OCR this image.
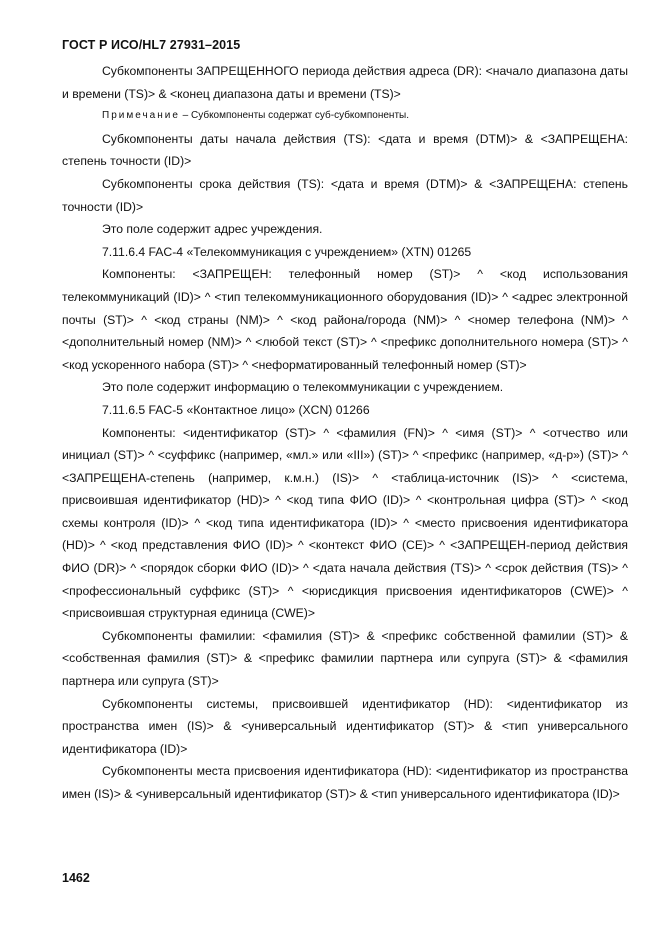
ГОСТ Р ИСО/HL7 27931–2015

Субкомпоненты ЗАПРЕЩЕННОГО периода действия адреса (DR): <начало диапазона даты и времени (TS)> & <конец диапазона даты и времени (TS)>

Примечание – Субкомпоненты содержат суб-субкомпоненты.

Субкомпоненты даты начала действия (TS): <дата и время (DTM)> & <ЗАПРЕЩЕНА: степень точности (ID)>

Субкомпоненты срока действия (TS): <дата и время (DTM)> & <ЗАПРЕЩЕНА: степень точности (ID)>

Это поле содержит адрес учреждения.

7.11.6.4 FAC-4 «Телекоммуникация с учреждением» (XTN) 01265

Компоненты: <ЗАПРЕЩЕН: телефонный номер (ST)> ^ <код использования телекоммуникаций (ID)> ^ <тип телекоммуникационного оборудования (ID)> ^ <адрес электронной почты (ST)> ^ <код страны (NM)> ^ <код района/города (NM)> ^ <номер телефона (NM)> ^ <дополнительный номер (NM)> ^ <любой текст (ST)> ^ <префикс дополнительного номера (ST)> ^ <код ускоренного набора (ST)> ^ <неформатированный телефонный номер (ST)>

Это поле содержит информацию о телекоммуникации с учреждением.

7.11.6.5 FAC-5 «Контактное лицо» (XCN) 01266

Компоненты: <идентификатор (ST)> ^ <фамилия (FN)> ^ <имя (ST)> ^ <отчество или инициал (ST)> ^ <суффикс (например, «мл.» или «III») (ST)> ^ <префикс (например, «д-р») (ST)> ^ <ЗАПРЕЩЕНА-степень (например, к.м.н.) (IS)> ^ <таблица-источник (IS)> ^ <система, присвоившая идентификатор (HD)> ^ <код типа ФИО (ID)> ^ <контрольная цифра (ST)> ^ <код схемы контроля (ID)> ^ <код типа идентификатора (ID)> ^ <место присвоения идентификатора (HD)> ^ <код представления ФИО (ID)> ^ <контекст ФИО (CE)> ^ <ЗАПРЕЩЕН-период действия ФИО (DR)> ^ <порядок сборки ФИО (ID)> ^ <дата начала действия (TS)> ^ <срок действия (TS)> ^ <профессиональный суффикс (ST)> ^ <юрисдикция присвоения идентификаторов (CWE)> ^ <присвоившая структурная единица (CWE)>

Субкомпоненты фамилии: <фамилия (ST)> & <префикс собственной фамилии (ST)> & <собственная фамилия (ST)> & <префикс фамилии партнера или супруга (ST)> & <фамилия партнера или супруга (ST)>

Субкомпоненты системы, присвоившей идентификатор (HD): <идентификатор из пространства имен (IS)> & <универсальный идентификатор (ST)> & <тип универсального идентификатора (ID)>

Субкомпоненты места присвоения идентификатора (HD): <идентификатор из пространства имен (IS)> & <универсальный идентификатор (ST)> & <тип универсального идентификатора (ID)>

1462
